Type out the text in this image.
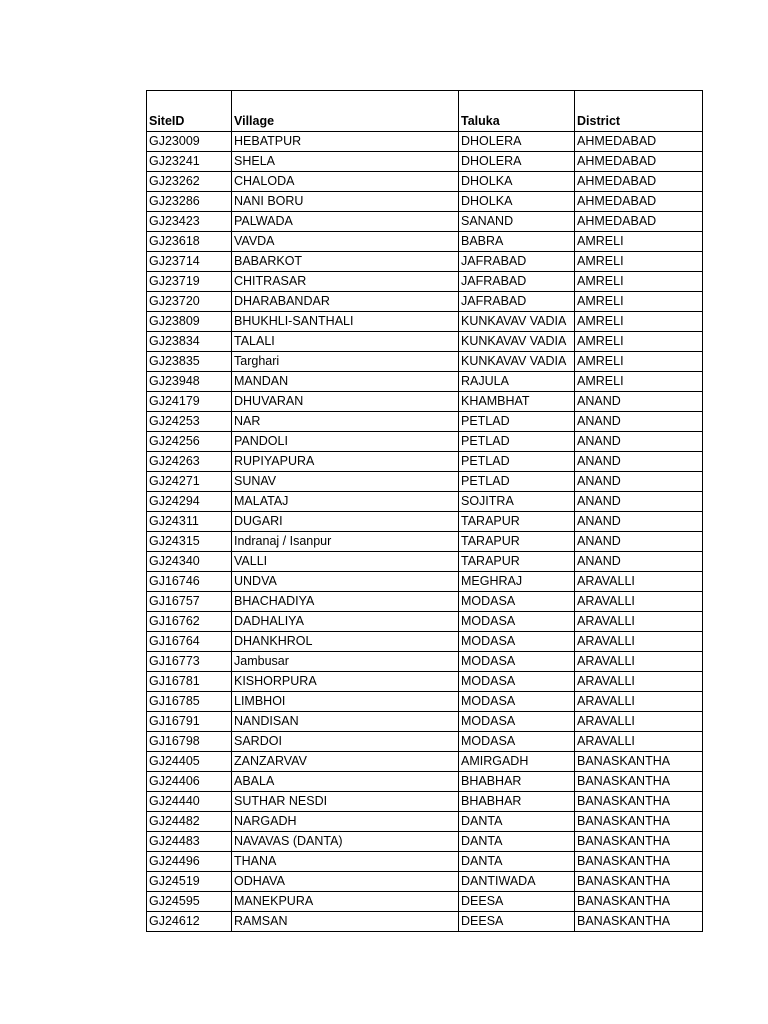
SiteID	Village	Taluka	District
GJ23009	HEBATPUR	DHOLERA	AHMEDABAD
GJ23241	SHELA	DHOLERA	AHMEDABAD
GJ23262	CHALODA	DHOLKA	AHMEDABAD
GJ23286	NANI BORU	DHOLKA	AHMEDABAD
GJ23423	PALWADA	SANAND	AHMEDABAD
GJ23618	VAVDA	BABRA	AMRELI
GJ23714	BABARKOT	JAFRABAD	AMRELI
GJ23719	CHITRASAR	JAFRABAD	AMRELI
GJ23720	DHARABANDAR	JAFRABAD	AMRELI
GJ23809	BHUKHLI-SANTHALI	KUNKAVAV VADIA	AMRELI
GJ23834	TALALI	KUNKAVAV VADIA	AMRELI
GJ23835	Targhari	KUNKAVAV VADIA	AMRELI
GJ23948	MANDAN	RAJULA	AMRELI
GJ24179	DHUVARAN	KHAMBHAT	ANAND
GJ24253	NAR	PETLAD	ANAND
GJ24256	PANDOLI	PETLAD	ANAND
GJ24263	RUPIYAPURA	PETLAD	ANAND
GJ24271	SUNAV	PETLAD	ANAND
GJ24294	MALATAJ	SOJITRA	ANAND
GJ24311	DUGARI	TARAPUR	ANAND
GJ24315	Indranaj / Isanpur	TARAPUR	ANAND
GJ24340	VALLI	TARAPUR	ANAND
GJ16746	UNDVA	MEGHRAJ	ARAVALLI
GJ16757	BHACHADIYA	MODASA	ARAVALLI
GJ16762	DADHALIYA	MODASA	ARAVALLI
GJ16764	DHANKHROL	MODASA	ARAVALLI
GJ16773	Jambusar	MODASA	ARAVALLI
GJ16781	KISHORPURA	MODASA	ARAVALLI
GJ16785	LIMBHOI	MODASA	ARAVALLI
GJ16791	NANDISAN	MODASA	ARAVALLI
GJ16798	SARDOI	MODASA	ARAVALLI
GJ24405	ZANZARVAV	AMIRGADH	BANASKANTHA
GJ24406	ABALA	BHABHAR	BANASKANTHA
GJ24440	SUTHAR NESDI	BHABHAR	BANASKANTHA
GJ24482	NARGADH	DANTA	BANASKANTHA
GJ24483	NAVAVAS (DANTA)	DANTA	BANASKANTHA
GJ24496	THANA	DANTA	BANASKANTHA
GJ24519	ODHAVA	DANTIWADA	BANASKANTHA
GJ24595	MANEKPURA	DEESA	BANASKANTHA
GJ24612	RAMSAN	DEESA	BANASKANTHA
